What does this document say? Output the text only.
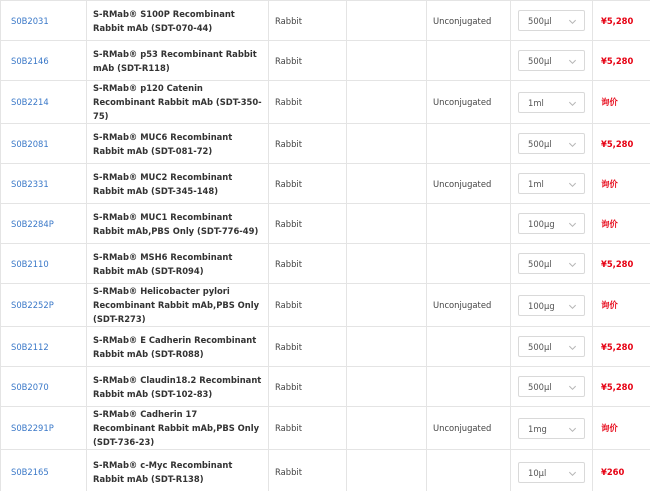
S0B2031	S-RMab® S100P Recombinant Rabbit mAb (SDT-070-44)	Rabbit		Unconjugated	500μl	¥5,280
S0B2146	S-RMab® p53 Recombinant Rabbit mAb (SDT-R118)	Rabbit			500μl	¥5,280
S0B2214	S-RMab® p120 Catenin Recombinant Rabbit mAb (SDT-350-75)	Rabbit		Unconjugated	1ml	询价
S0B2081	S-RMab® MUC6 Recombinant Rabbit mAb (SDT-081-72)	Rabbit			500μl	¥5,280
S0B2331	S-RMab® MUC2 Recombinant Rabbit mAb (SDT-345-148)	Rabbit		Unconjugated	1ml	询价
S0B2284P	S-RMab® MUC1 Recombinant Rabbit mAb,PBS Only (SDT-776-49)	Rabbit			100μg	询价
S0B2110	S-RMab® MSH6 Recombinant Rabbit mAb (SDT-R094)	Rabbit			500μl	¥5,280
S0B2252P	S-RMab® Helicobacter pylori Recombinant Rabbit mAb,PBS Only (SDT-R273)	Rabbit		Unconjugated	100μg	询价
S0B2112	S-RMab® E Cadherin Recombinant Rabbit mAb (SDT-R088)	Rabbit			500μl	¥5,280
S0B2070	S-RMab® Claudin18.2 Recombinant Rabbit mAb (SDT-102-83)	Rabbit			500μl	¥5,280
S0B2291P	S-RMab® Cadherin 17 Recombinant Rabbit mAb,PBS Only (SDT-736-23)	Rabbit		Unconjugated	1mg	询价
S0B2165	S-RMab® c-Myc Recombinant Rabbit mAb (SDT-R138)	Rabbit			10μl	¥260
